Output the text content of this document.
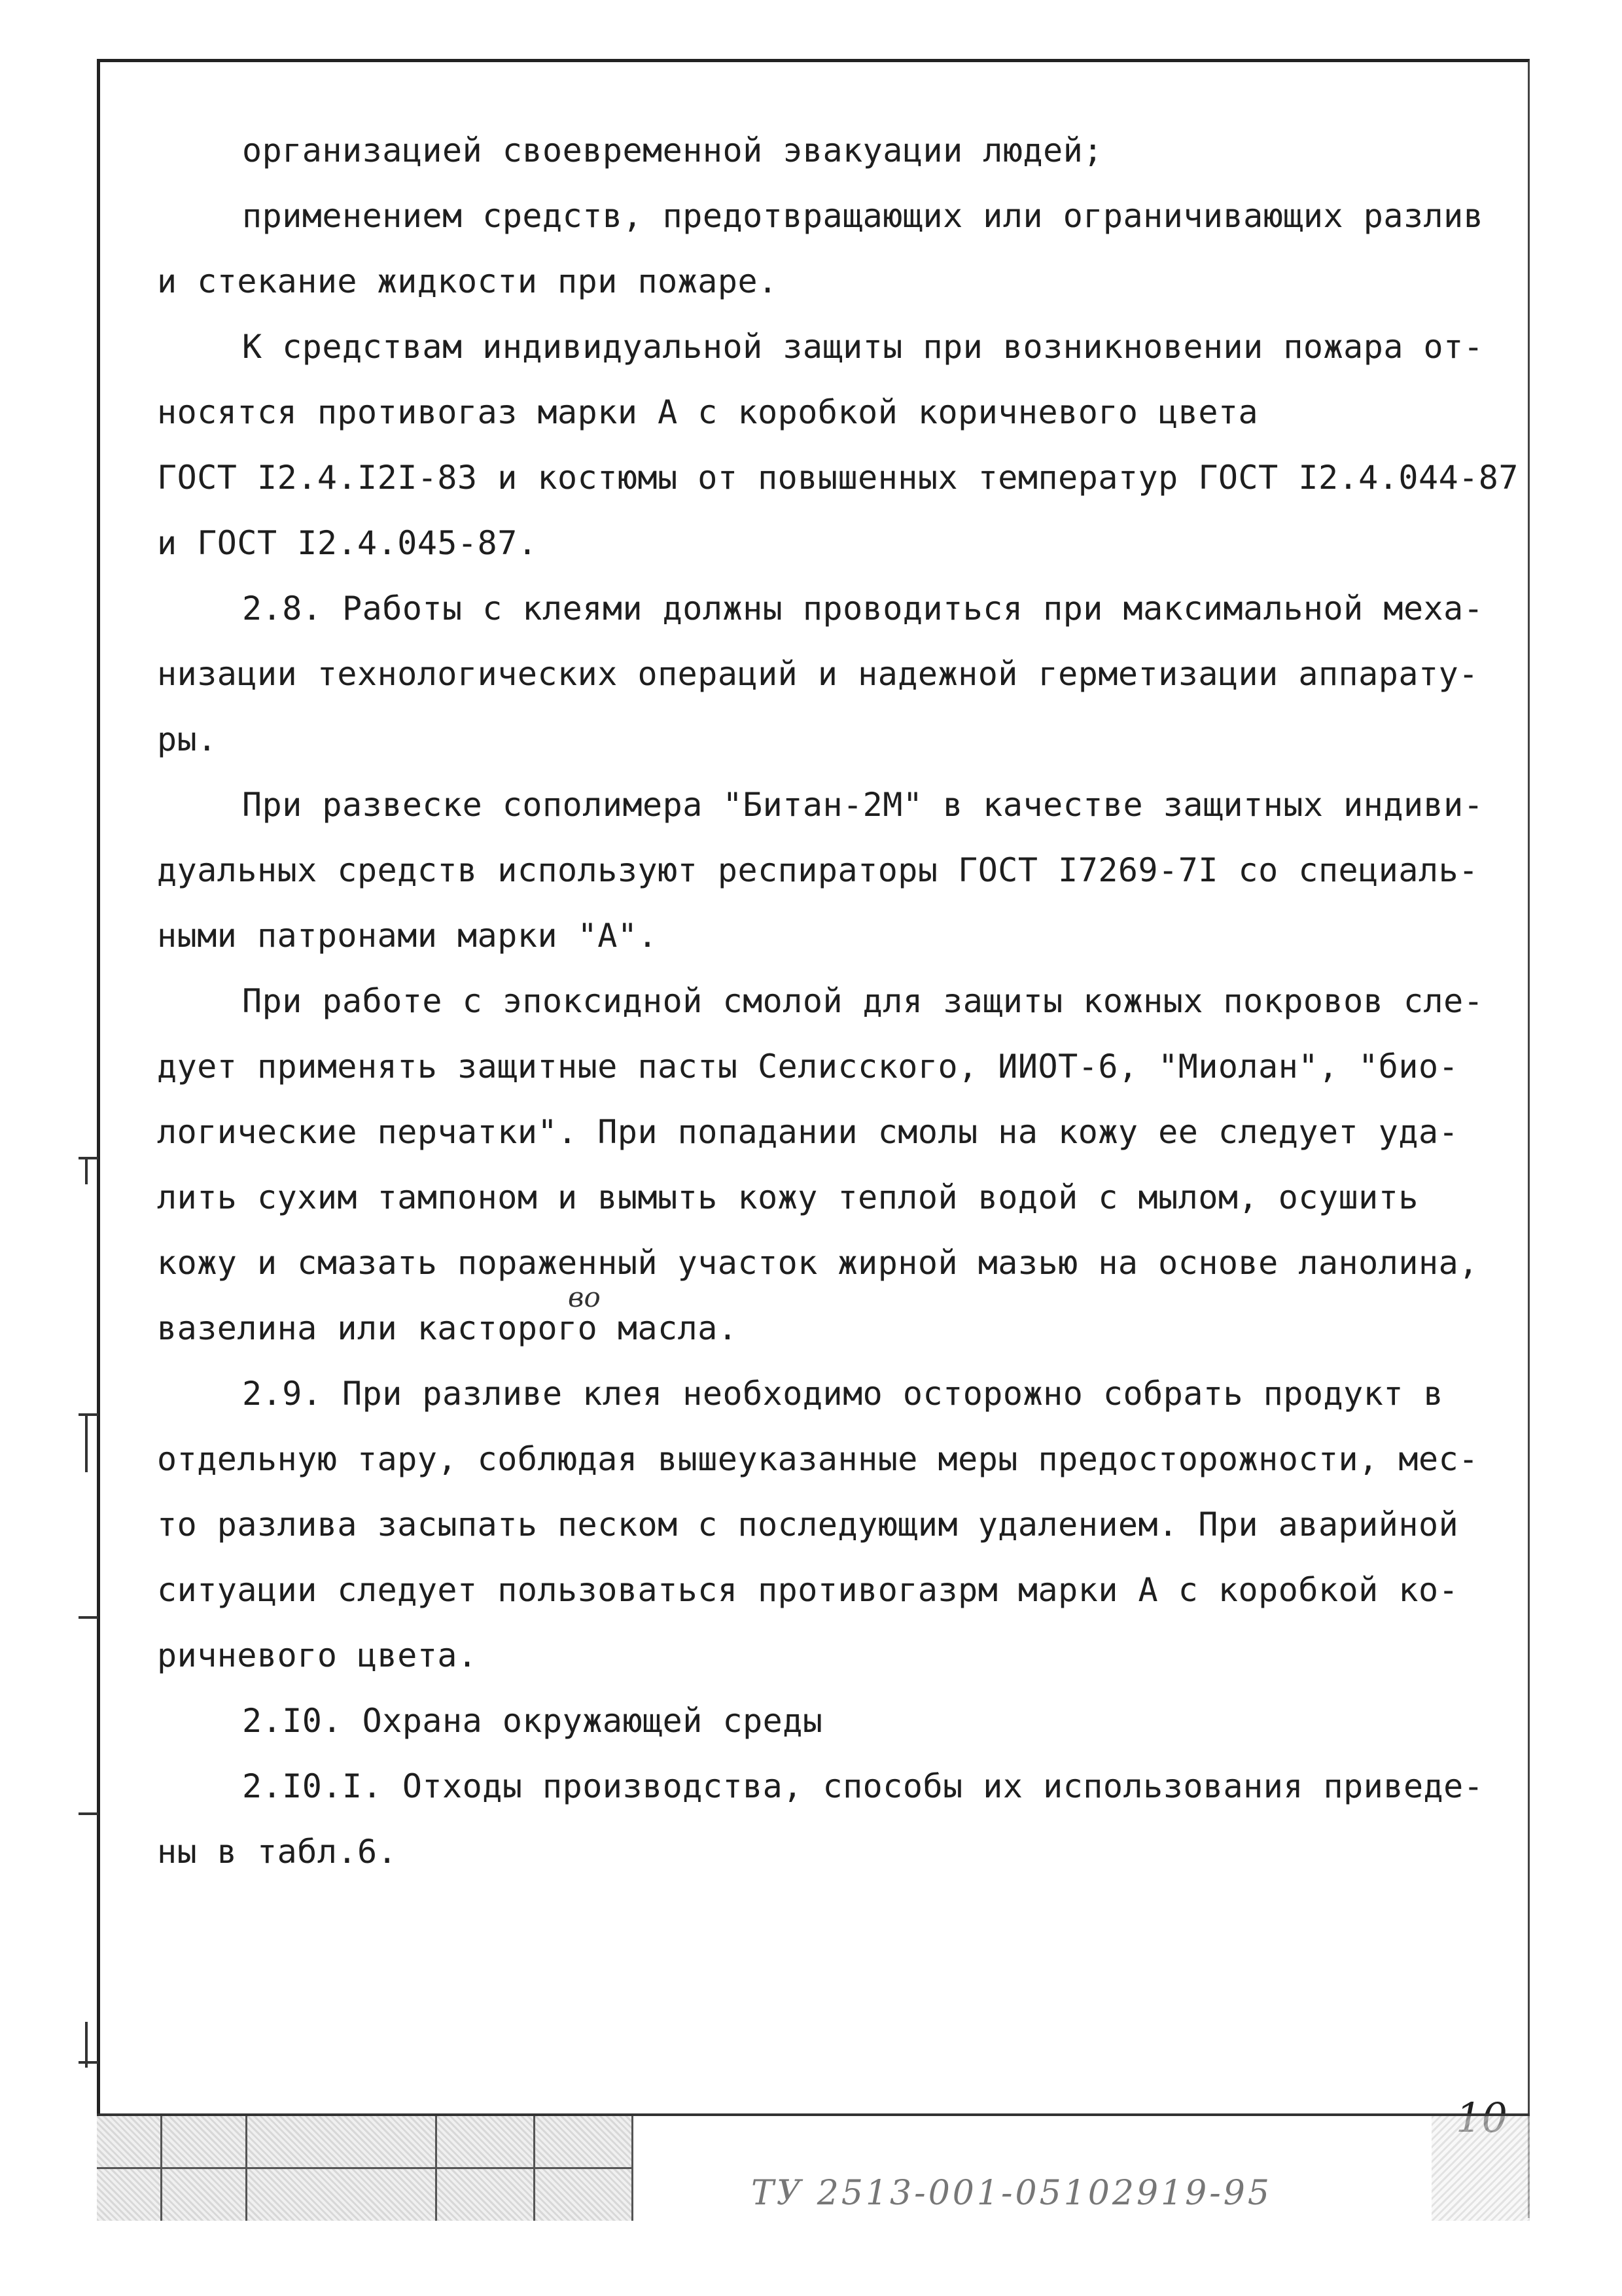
организацией своевременной эвакуации людей;
применением средств, предотвращающих или ограничивающих разлив
и стекание жидкости при пожаре.
К средствам индивидуальной защиты при возникновении пожара от-
носятся противогаз марки А с коробкой коричневого цвета
ГОСТ I2.4.I2I-83 и костюмы от повышенных температур ГОСТ I2.4.044-87
и ГОСТ I2.4.045-87.
2.8. Работы с клеями должны проводиться при максимальной меха-
низации технологических операций и надежной герметизации аппарату-
ры.
При развеске сополимера "Битан-2М" в качестве защитных индиви-
дуальных средств используют респираторы ГОСТ I7269-7I со специаль-
ными патронами марки "А".
При работе с эпоксидной смолой для защиты кожных покровов сле-
дует применять защитные пасты Селисского, ИИОТ-6, "Миолан", "био-
логические перчатки". При попадании смолы на кожу ее следует уда-
лить сухим тампоном и вымыть кожу теплой водой с мылом, осушить
кожу и смазать пораженный участок жирной мазью на основе ланолина,
вазелина или касторого масла.
2.9. При разливе клея необходимо осторожно собрать продукт в
отдельную тару, соблюдая вышеуказанные меры предосторожности, мес-
то разлива засыпать песком с последующим удалением. При аварийной
ситуации следует пользоваться противогазрм марки А с коробкой ко-
ричневого цвета.
2.I0. Охрана окружающей среды
2.I0.I. Отходы производства, способы их использования приведе-
ны в табл.6.
во
ТУ 2513-001-05102919-95
